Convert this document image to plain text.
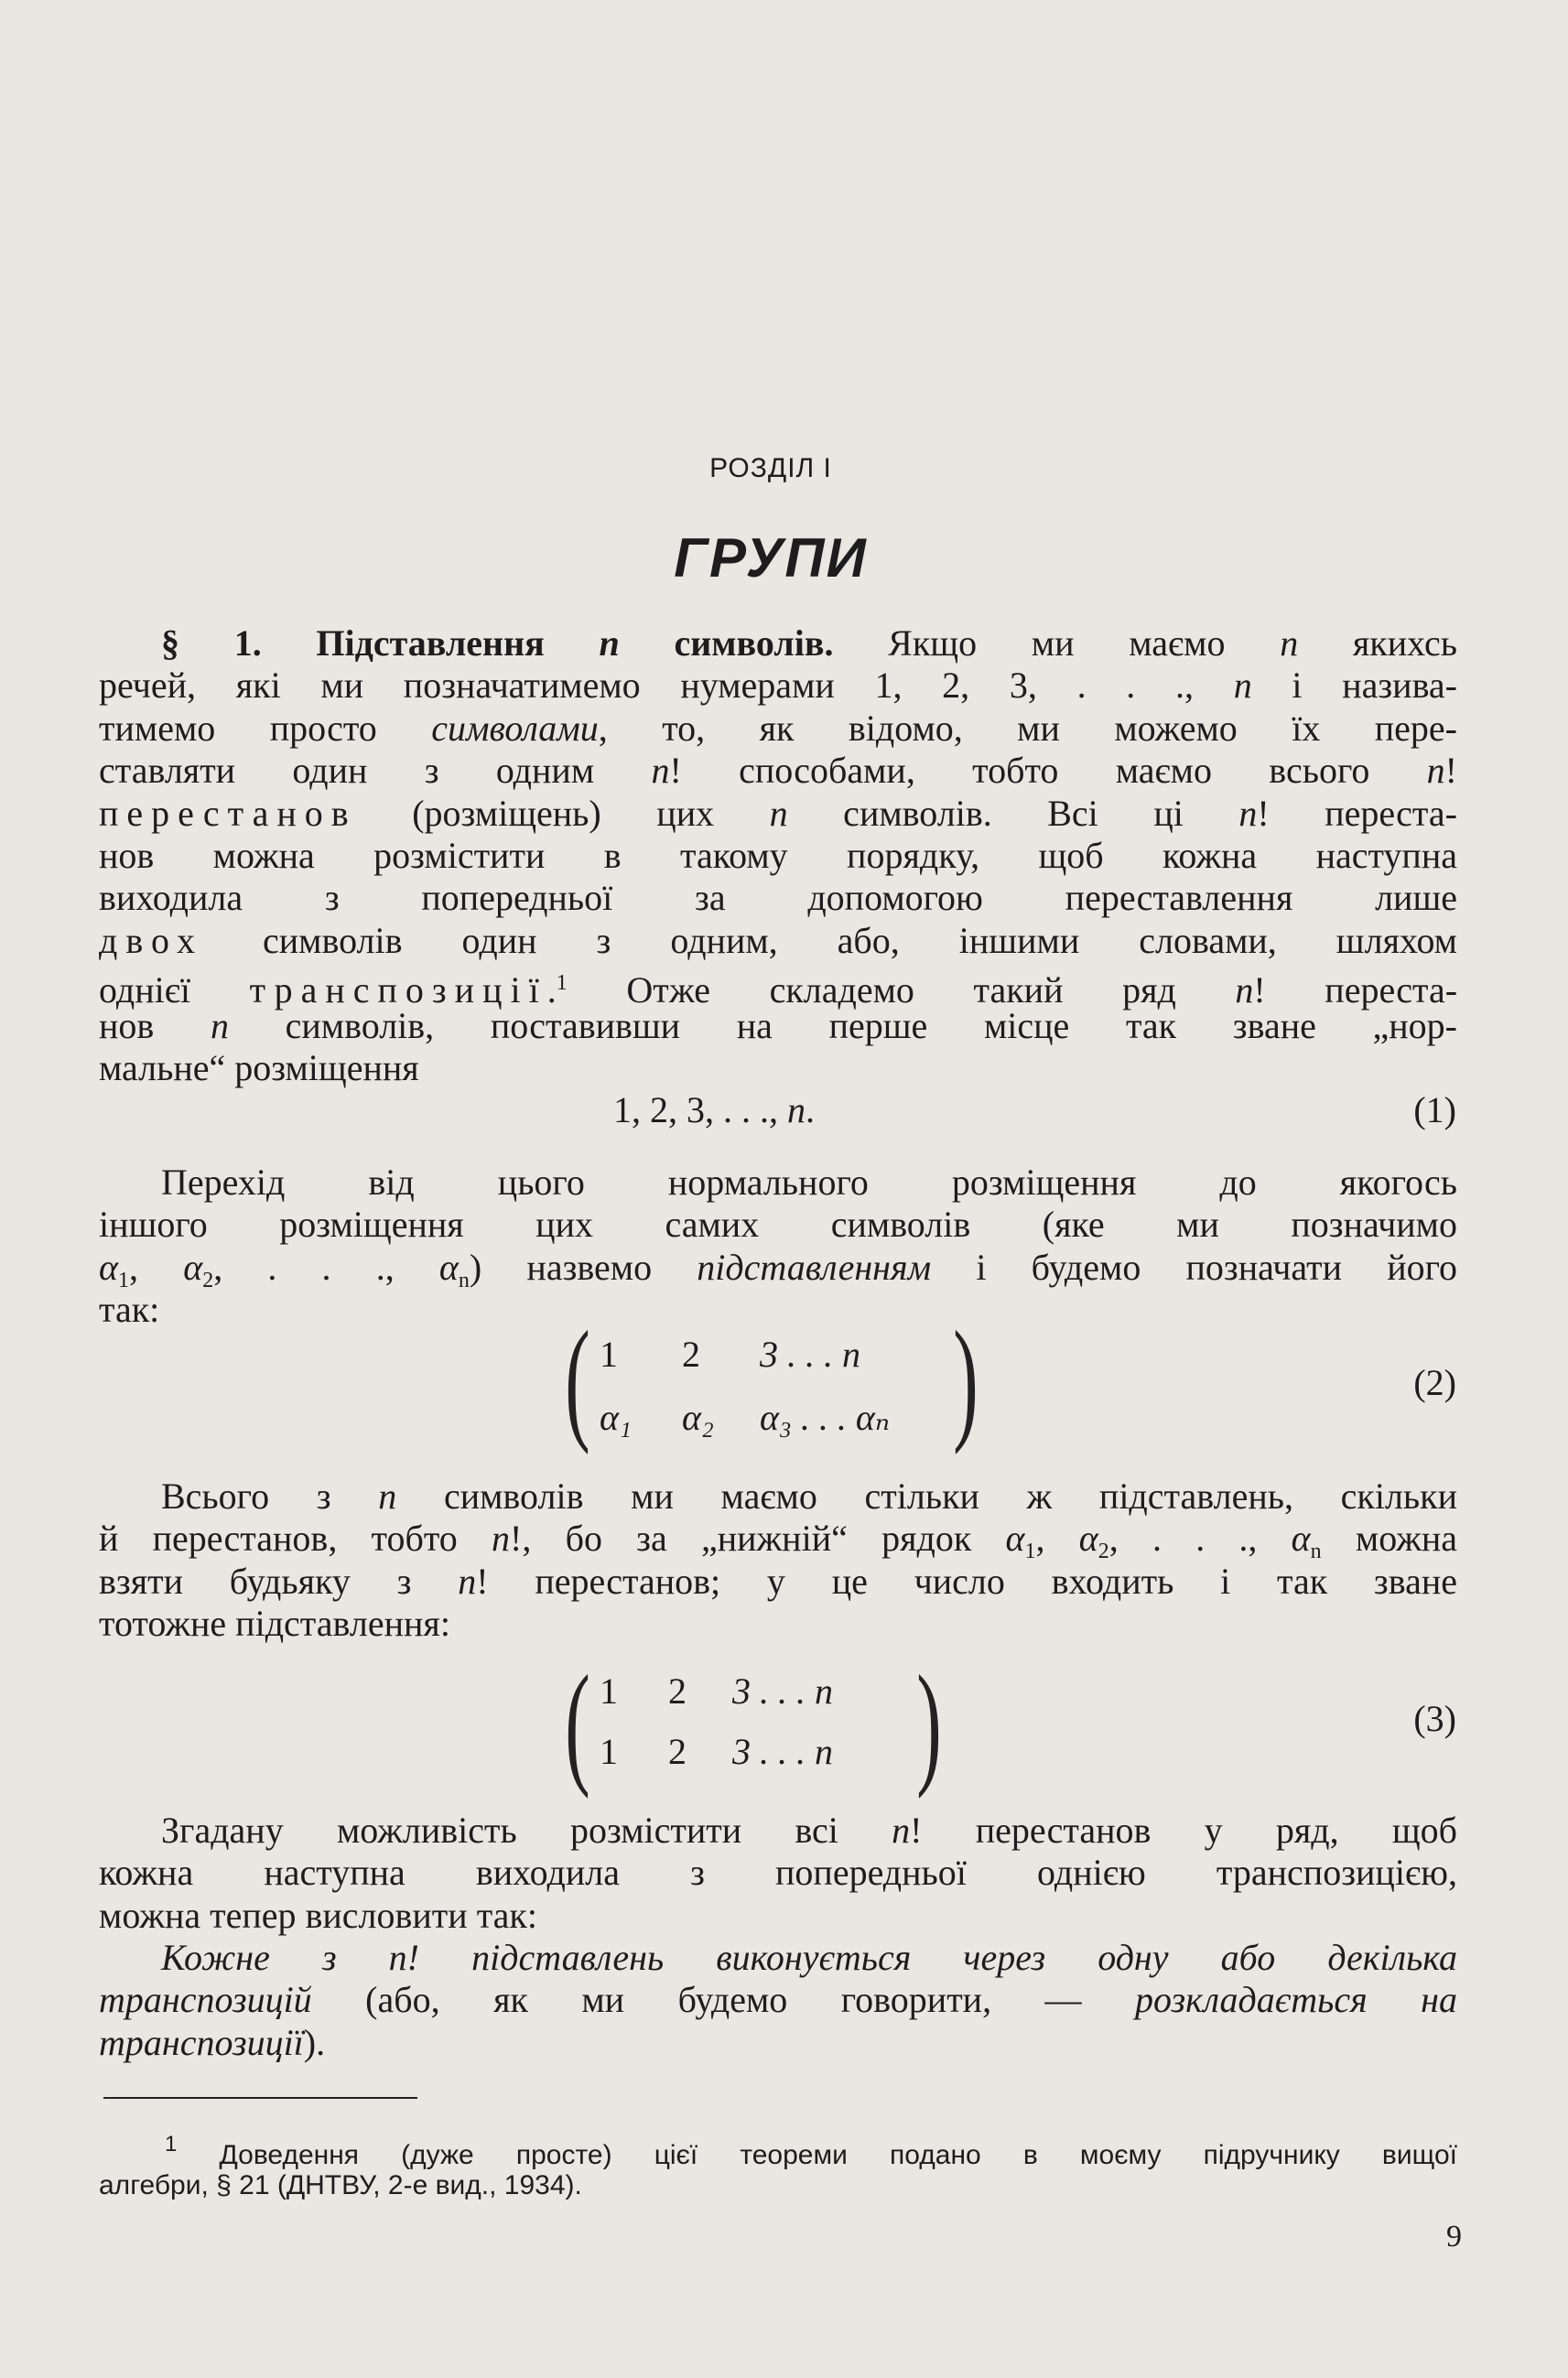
РОЗДІЛ I
ГРУПИ
§ 1. Підставлення n символів. Якщо ми маємо n якихсь
речей, які ми позначатимемо нумерами 1, 2, 3, . . ., n і назива-
тимемо просто символами, то, як відомо, ми можемо їх пере-
ставляти один з одним n! способами, тобто маємо всього n!
перестанов (розміщень) цих n символів. Всі ці n! переста-
нов можна розмістити в такому порядку, щоб кожна наступна
виходила з попередньої за допомогою переставлення лише
двох символів один з одним, або, іншими словами, шляхом
однієї транспозиції.$^1$ Отже складемо такий ряд n! переста-
нов n символів, поставивши на перше місце так зване „нор-
мальне“ розміщення
1, 2, 3, . . ., n.	(1)
Перехід від цього нормального розміщення до якогось
іншого розміщення цих самих символів (яке ми позначимо
$\alpha_1$, $\alpha_2$, . . ., $\alpha_n$) назвемо підставленням і будемо позначати його
так:	( 1 2 3 . . . n
α₁ α₂ α₃ . . . αₙ )	(2)
Всього з n символів ми маємо стільки ж підставлень, скільки
й перестанов, тобто n!, бо за „нижній“ рядок $\alpha_1$, $\alpha_2$, . . ., $\alpha_n$ можна
взяти будьяку з n! перестанов; у це число входить і так зване
тотожне підставлення:
( 1 2 3 . . . n
1 2 3 . . . n )	(3)
Згадану можливість розмістити всі n! перестанов у ряд, щоб
кожна наступна виходила з попередньої однією транспозицією,
можна тепер висловити так:
Кожне з n! підставлень виконується через одну або декілька
транспозицій (або, як ми будемо говорити, — розкладається на
транспозиції).
$^1$ Доведення (дуже просте) цієї теореми подано в моєму підручнику вищої
алгебри, § 21 (ДНТВУ, 2-е вид., 1934).
9
